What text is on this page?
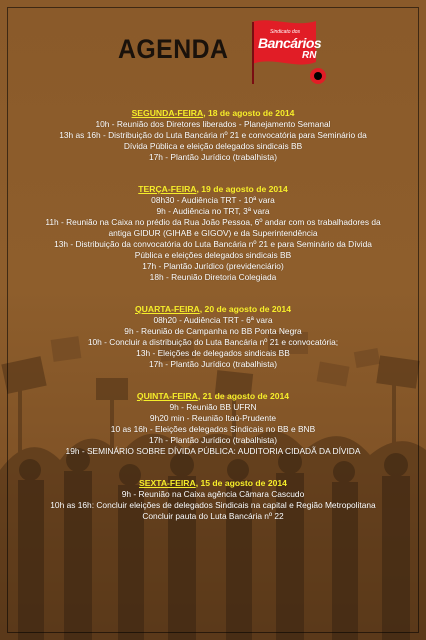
AGENDA
Sindicato dos
Bancários
RN

SEGUNDA-FEIRA, 18 de agosto de 2014

10h - Reunião dos Diretores liberados - Planejamento Semanal

13h as 16h - Distribuição do Luta Bancária nº 21 e convocatória para Seminário da

Dívida Pública e eleição delegados sindicais BB

17h - Plantão Jurídico (trabalhista)

TERÇA-FEIRA, 19 de agosto de 2014

08h30 - Audiência TRT - 10ª vara

9h - Audiência no TRT, 3ª vara

11h - Reunião na Caixa no prédio da Rua João Pessoa, 6º andar com os trabalhadores da

antiga GIDUR (GIHAB e GIGOV) e da Superintendência

13h - Distribuição da convocatória do Luta Bancária nº 21 e para Seminário da Dívida

Pública e eleições delegados sindicais BB

17h - Plantão Jurídico (previdenciário)

18h - Reunião Diretoria Colegiada

QUARTA-FEIRA, 20 de agosto de 2014

08h20 - Audiência TRT - 6ª vara

9h - Reunião de Campanha no BB Ponta Negra

10h - Concluir a distribuição do Luta Bancária nº 21 e convocatória;

13h - Eleições de delegados sindicais BB

17h - Plantão Jurídico (trabalhista)

QUINTA-FEIRA, 21 de agosto de 2014

9h - Reunião BB UFRN

9h20 min - Reunião Itaú-Prudente

10 as 16h - Eleições delegados Sindicais no BB e BNB

17h - Plantão Jurídico (trabalhista)

19h - SEMINÁRIO SOBRE DÍVIDA PÚBLICA: AUDITORIA CIDADÃ DA DÍVIDA

SEXTA-FEIRA, 15 de agosto de 2014

9h - Reunião na Caixa agência Câmara Cascudo

10h as 16h: Concluir eleições de delegados Sindicais na capital e Região Metropolitana

Concluir pauta do Luta Bancária nº 22
